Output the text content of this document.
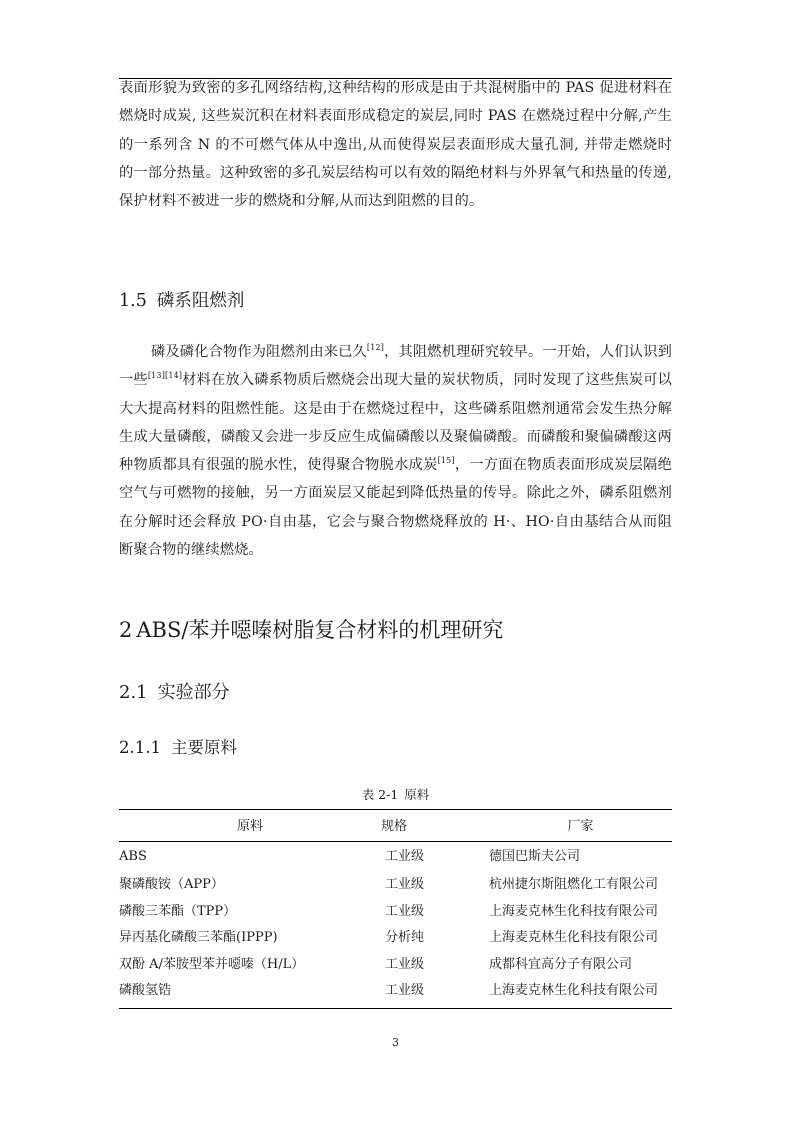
表面形貌为致密的多孔网络结构,这种结构的形成是由于共混树脂中的 PAS 促进材料在燃烧时成炭, 这些炭沉积在材料表面形成稳定的炭层,同时 PAS 在燃烧过程中分解,产生的一系列含 N 的不可燃气体从中逸出,从而使得炭层表面形成大量孔洞, 并带走燃烧时的一部分热量。这种致密的多孔炭层结构可以有效的隔绝材料与外界氧气和热量的传递,保护材料不被进一步的燃烧和分解,从而达到阻燃的目的。

1.5 磷系阻燃剂

磷及磷化合物作为阻燃剂由来已久[12]，其阻燃机理研究较早。一开始，人们认识到一些[13][14]材料在放入磷系物质后燃烧会出现大量的炭状物质，同时发现了这些焦炭可以大大提高材料的阻燃性能。这是由于在燃烧过程中，这些磷系阻燃剂通常会发生热分解生成大量磷酸，磷酸又会进一步反应生成偏磷酸以及聚偏磷酸。而磷酸和聚偏磷酸这两种物质都具有很强的脱水性，使得聚合物脱水成炭[15]，一方面在物质表面形成炭层隔绝空气与可燃物的接触，另一方面炭层又能起到降低热量的传导。除此之外，磷系阻燃剂在分解时还会释放 PO·自由基，它会与聚合物燃烧释放的 H·、HO·自由基结合从而阻断聚合物的继续燃烧。

2 ABS/苯并噁嗪树脂复合材料的机理研究
2.1 实验部分
2.1.1 主要原料

表 2-1 原料

原料	规格	厂家
ABS	工业级	德国巴斯夫公司
聚磷酸铵（APP）	工业级	杭州捷尔斯阻燃化工有限公司
磷酸三苯酯（TPP）	工业级	上海麦克林生化科技有限公司
异丙基化磷酸三苯酯(IPPP)	分析纯	上海麦克林生化科技有限公司
双酚 A/苯胺型苯并噁嗪（H/L）	工业级	成都科宜高分子有限公司
磷酸氢锆	工业级	上海麦克林生化科技有限公司
3
